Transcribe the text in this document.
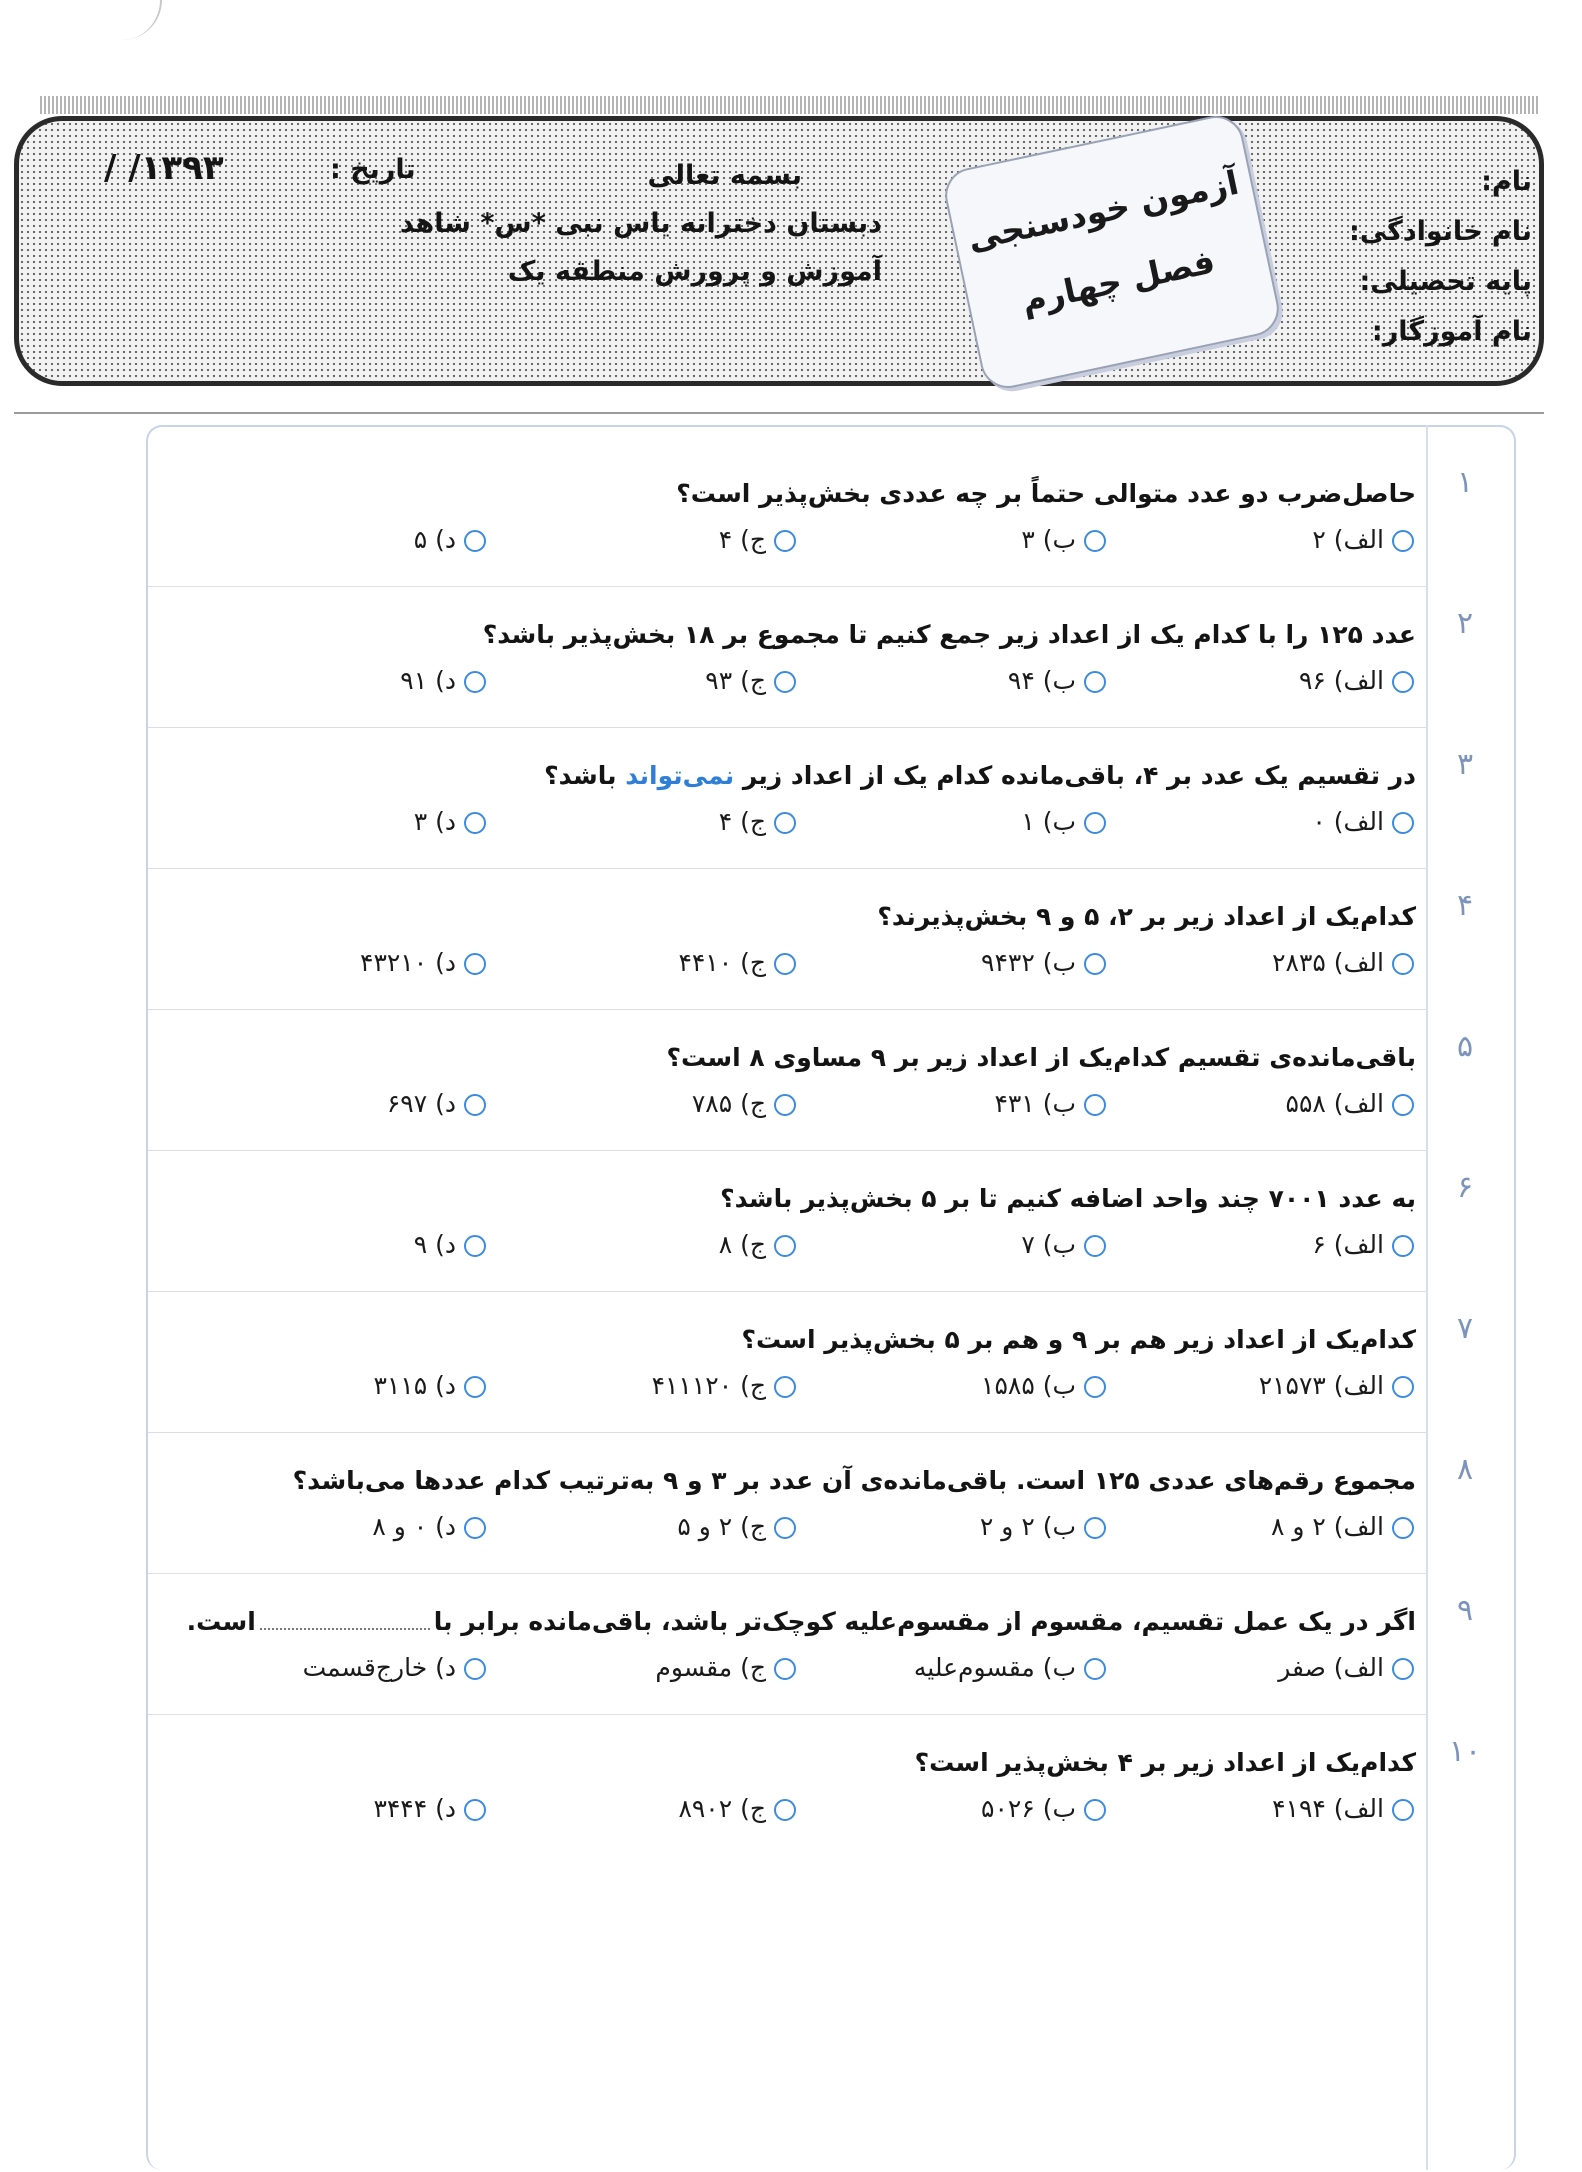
نام:
نام خانوادگی:
پایه تحصیلی:
نام آموزگار:
بسمه تعالی
دبستان دخترانه یاس نبی *س* شاهد
آموزش و پرورش منطقه یک
تاریخ :
/ /۱۳۹۳	آزمون خودسنجی
فصل چهارم
حاصل‌ضرب دو عدد متوالی حتماً بر چه عددی بخش‌پذیر است؟
الف) ۲
ب) ۳
ج) ۴
د) ۵
۱
عدد ۱۲۵ را با کدام یک از اعداد زیر جمع کنیم تا مجموع بر ۱۸ بخش‌پذیر باشد؟
الف) ۹۶
ب) ۹۴
ج) ۹۳
د) ۹۱
۲
در تقسیم یک عدد بر ۴، باقی‌مانده کدام یک از اعداد زیر نمی‌تواند باشد؟
الف) ۰
ب) ۱
ج) ۴
د) ۳
۳
کدام‌یک از اعداد زیر بر ۲، ۵ و ۹ بخش‌پذیرند؟
الف) ۲۸۳۵
ب) ۹۴۳۲
ج) ۴۴۱۰
د) ۴۳۲۱۰
۴
باقی‌مانده‌ی تقسیم کدام‌یک از اعداد زیر بر ۹ مساوی ۸ است؟
الف) ۵۵۸
ب) ۴۳۱
ج) ۷۸۵
د) ۶۹۷
۵
به عدد ۷۰۰۱ چند واحد اضافه کنیم تا بر ۵ بخش‌پذیر باشد؟
الف) ۶
ب) ۷
ج) ۸
د) ۹
۶
کدام‌یک از اعداد زیر هم بر ۹ و هم بر ۵ بخش‌پذیر است؟
الف) ۲۱۵۷۳
ب) ۱۵۸۵
ج) ۴۱۱۱۲۰
د) ۳۱۱۵
۷
مجموع رقم‌های عددی ۱۲۵ است. باقی‌مانده‌ی آن عدد بر ۳ و ۹ به‌ترتیب کدام عددها می‌باشد؟
الف) ۲ و ۸
ب) ۲ و ۲
ج) ۲ و ۵
د) ۰ و ۸
۸
اگر در یک عمل تقسیم، مقسوم از مقسوم‌علیه کوچک‌تر باشد، باقی‌مانده برابر بااست.
الف) صفر
ب) مقسوم‌علیه
ج) مقسوم
د) خارج‌قسمت
۹
کدام‌یک از اعداد زیر بر ۴ بخش‌پذیر است؟
الف) ۴۱۹۴
ب) ۵۰۲۶
ج) ۸۹۰۲
د) ۳۴۴۴
۱۰
